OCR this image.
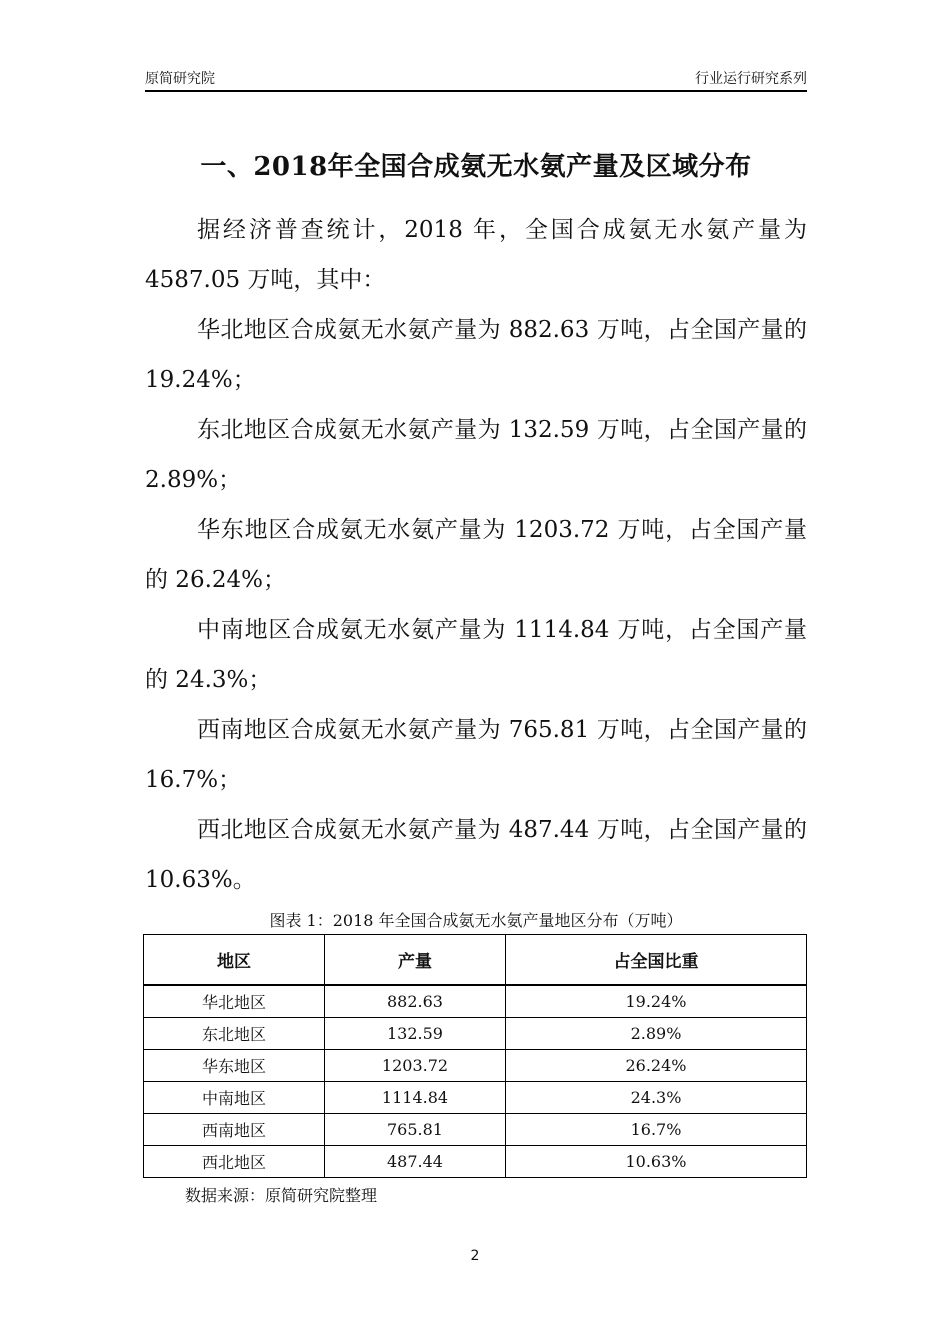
原简研究院	行业运行研究系列
一、2018年全国合成氨无水氨产量及区域分布

据经济普查统计，2018 年，全国合成氨无水氨产量为 4587.05 万吨，其中：

华北地区合成氨无水氨产量为 882.63 万吨，占全国产量的 19.24%；

东北地区合成氨无水氨产量为 132.59 万吨，占全国产量的 2.89%；

华东地区合成氨无水氨产量为 1203.72 万吨，占全国产量的 26.24%；

中南地区合成氨无水氨产量为 1114.84 万吨，占全国产量的 24.3%；

西南地区合成氨无水氨产量为 765.81 万吨，占全国产量的 16.7%；

西北地区合成氨无水氨产量为 487.44 万吨，占全国产量的 10.63%。

图表 1：2018 年全国合成氨无水氨产量地区分布（万吨）
地区	产量	占全国比重
华北地区	882.63	19.24%
东北地区	132.59	2.89%
华东地区	1203.72	26.24%
中南地区	1114.84	24.3%
西南地区	765.81	16.7%
西北地区	487.44	10.63%
数据来源：原简研究院整理
2
